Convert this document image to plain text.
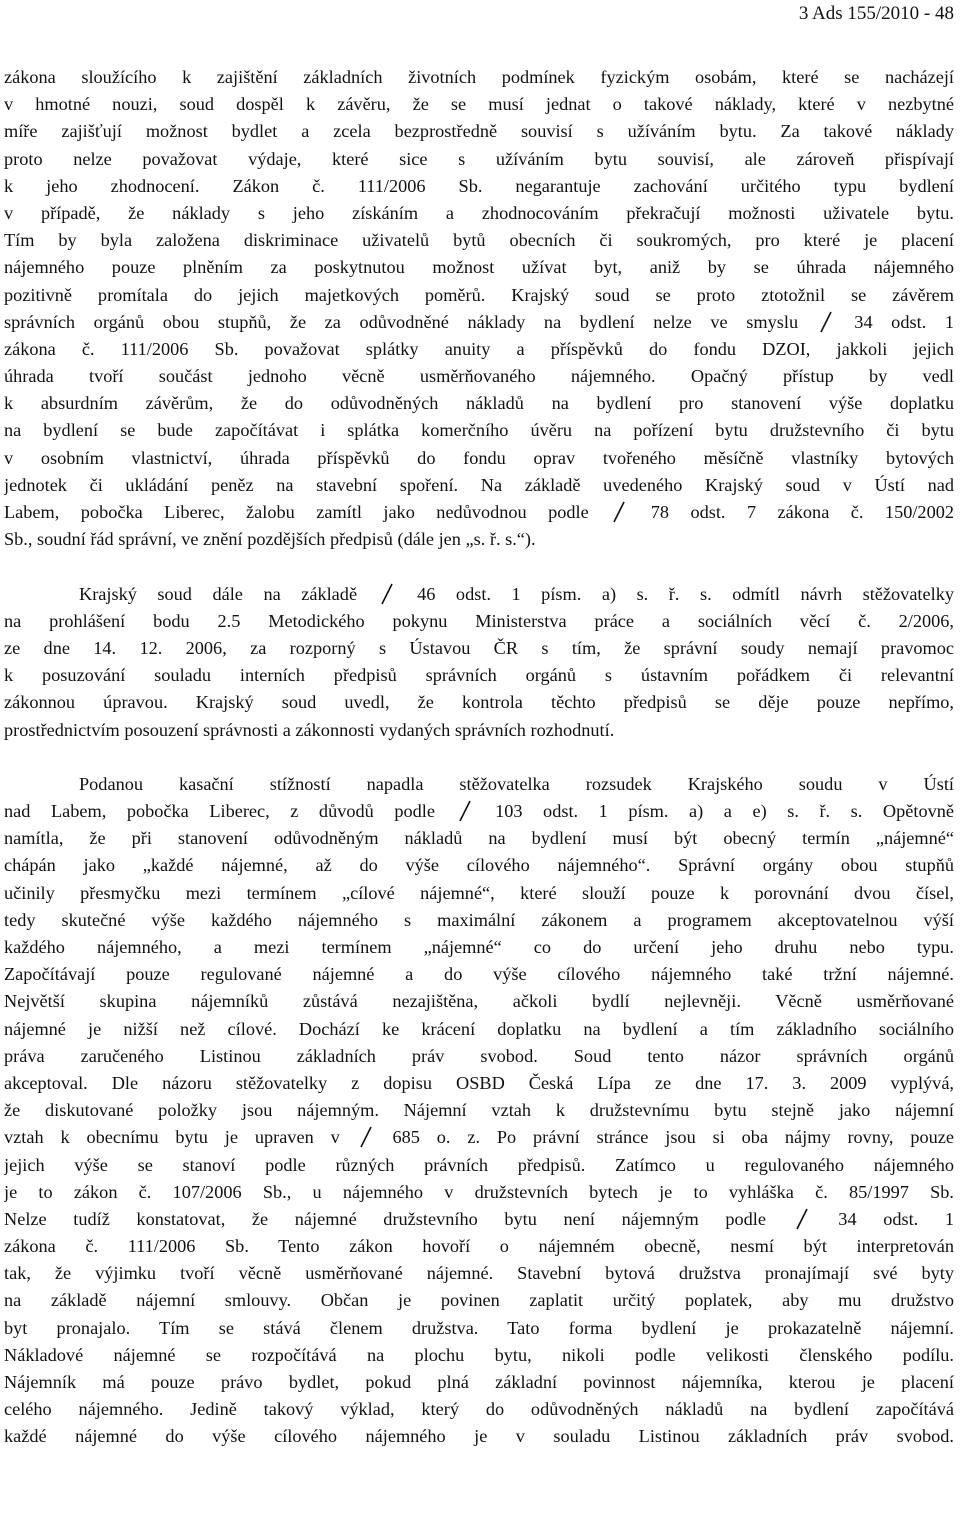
3 Ads 155/2010 - 48
zákona sloužícího k zajištění základních životních podmínek fyzickým osobám, které se nacházejí
v hmotné nouzi, soud dospěl k závěru, že se musí jednat o takové náklady, které v nezbytné
míře zajišťují možnost bydlet a zcela bezprostředně souvisí s užíváním bytu. Za takové náklady
proto nelze považovat výdaje, které sice s užíváním bytu souvisí, ale zároveň přispívají
k jeho zhodnocení. Zákon č. 111/2006 Sb. negarantuje zachování určitého typu bydlení
v případě, že náklady s jeho získáním a zhodnocováním překračují možnosti uživatele bytu.
Tím by byla založena diskriminace uživatelů bytů obecních či soukromých, pro které je placení
nájemného pouze plněním za poskytnutou možnost užívat byt, aniž by se úhrada nájemného
pozitivně promítala do jejich majetkových poměrů. Krajský soud se proto ztotožnil se závěrem
správních orgánů obou stupňů, že za odůvodněné náklady na bydlení nelze ve smyslu	34 odst. 1
zákona č. 111/2006 Sb. považovat splátky anuity a příspěvků do fondu DZOI, jakkoli jejich
úhrada tvoří součást jednoho věcně usměrňovaného nájemného. Opačný přístup by vedl
k absurdním závěrům, že do odůvodněných nákladů na bydlení pro stanovení výše doplatku
na bydlení se bude započítávat i splátka komerčního úvěru na pořízení bytu družstevního či bytu
v osobním vlastnictví, úhrada příspěvků do fondu oprav tvořeného měsíčně vlastníky bytových
jednotek či ukládání peněz na stavební spoření. Na základě uvedeného Krajský soud v Ústí nad
Labem, pobočka Liberec, žalobu zamítl jako nedůvodnou podle	78 odst. 7 zákona č. 150/2002
Sb., soudní řád správní, ve znění pozdějších předpisů (dále jen „s. ř. s.“).
Krajský soud dále na základě	46 odst. 1 písm. a) s. ř. s. odmítl návrh stěžovatelky
na prohlášení bodu 2.5 Metodického pokynu Ministerstva práce a sociálních věcí č. 2/2006,
ze dne 14. 12. 2006, za rozporný s Ústavou ČR s tím, že správní soudy nemají pravomoc
k posuzování souladu interních předpisů správních orgánů s ústavním pořádkem či relevantní
zákonnou úpravou. Krajský soud uvedl, že kontrola těchto předpisů se děje pouze nepřímo,
prostřednictvím posouzení správnosti a zákonnosti vydaných správních rozhodnutí.
Podanou kasační stížností napadla stěžovatelka rozsudek Krajského soudu v Ústí
nad Labem, pobočka Liberec, z důvodů podle	103 odst. 1 písm. a) a e) s. ř. s. Opětovně
namítla, že při stanovení odůvodněným nákladů na bydlení musí být obecný termín „nájemné“
chápán jako „každé nájemné, až do výše cílového nájemného“. Správní orgány obou stupňů
učinily přesmyčku mezi termínem „cílové nájemné“, které slouží pouze k porovnání dvou čísel,
tedy skutečné výše každého nájemného s maximální zákonem a programem akceptovatelnou výší
každého nájemného, a mezi termínem „nájemné“ co do určení jeho druhu nebo typu.
Započítávají pouze regulované nájemné a do výše cílového nájemného také tržní nájemné.
Největší skupina nájemníků zůstává nezajištěna, ačkoli bydlí nejlevněji. Věcně usměrňované
nájemné je nižší než cílové. Dochází ke krácení doplatku na bydlení a tím základního sociálního
práva zaručeného Listinou základních práv svobod. Soud tento názor správních orgánů
akceptoval. Dle názoru stěžovatelky z dopisu OSBD Česká Lípa ze dne 17. 3. 2009 vyplývá,
že diskutované položky jsou nájemným. Nájemní vztah k družstevnímu bytu stejně jako nájemní
vztah k obecnímu bytu je upraven v	685 o. z. Po právní stránce jsou si oba nájmy rovny, pouze
jejich výše se stanoví podle různých právních předpisů. Zatímco u regulovaného nájemného
je to zákon č. 107/2006 Sb., u nájemného v družstevních bytech je to vyhláška č. 85/1997 Sb.
Nelze tudíž konstatovat, že nájemné družstevního bytu není nájemným podle	34 odst. 1
zákona č. 111/2006 Sb. Tento zákon hovoří o nájemném obecně, nesmí být interpretován
tak, že výjimku tvoří věcně usměrňované nájemné. Stavební bytová družstva pronajímají své byty
na základě nájemní smlouvy. Občan je povinen zaplatit určitý poplatek, aby mu družstvo
byt pronajalo. Tím se stává členem družstva. Tato forma bydlení je prokazatelně nájemní.
Nákladové nájemné se rozpočítává na plochu bytu, nikoli podle velikosti členského podílu.
Nájemník má pouze právo bydlet, pokud plná základní povinnost nájemníka, kterou je placení
celého nájemného. Jedině takový výklad, který do odůvodněných nákladů na bydlení započítává
každé nájemné do výše cílového nájemného je v souladu Listinou základních práv svobod.
